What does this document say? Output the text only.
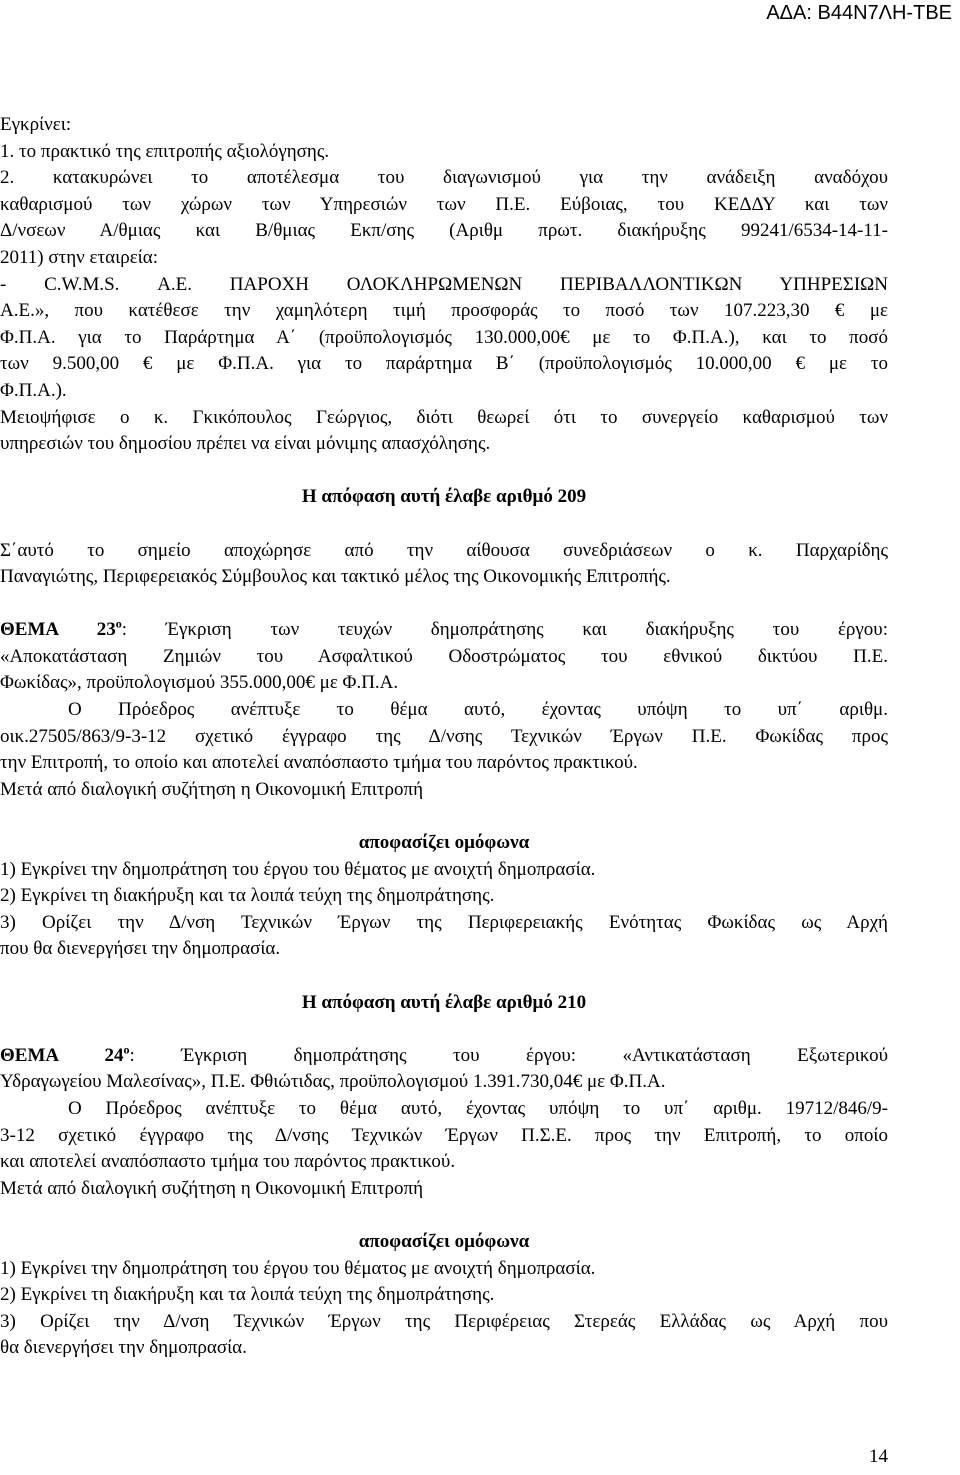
ΑΔΑ: Β44Ν7ΛΗ-ΤΒΕ
Εγκρίνει:
1. το πρακτικό της επιτροπής αξιολόγησης.
2. κατακυρώνει το αποτέλεσμα του διαγωνισμού για την ανάδειξη αναδόχου
καθαρισμού των χώρων των Υπηρεσιών των Π.Ε. Εύβοιας, του ΚΕΔΔΥ και των
Δ/νσεων Α/θμιας και Β/θμιας Εκπ/σης (Αριθμ πρωτ. διακήρυξης 99241/6534-14-11-
2011) στην εταιρεία:
- C.W.M.S. Α.Ε. ΠΑΡΟΧΗ ΟΛΟΚΛΗΡΩΜΕΝΩΝ ΠΕΡΙΒΑΛΛΟΝΤΙΚΩΝ ΥΠΗΡΕΣΙΩΝ
Α.Ε.», που κατέθεσε την χαμηλότερη τιμή προσφοράς το ποσό των 107.223,30 € με
Φ.Π.Α. για το Παράρτημα Α΄ (προϋπολογισμός 130.000,00€ με το Φ.Π.Α.), και το ποσό
των 9.500,00 € με Φ.Π.Α. για το παράρτημα Β΄ (προϋπολογισμός 10.000,00 € με το
Φ.Π.Α.).
Μειοψήφισε ο κ. Γκικόπουλος Γεώργιος, διότι θεωρεί ότι το συνεργείο καθαρισμού των
υπηρεσιών του δημοσίου πρέπει να είναι μόνιμης απασχόλησης.
Η απόφαση αυτή έλαβε αριθμό 209
Σ΄αυτό το σημείο αποχώρησε από την αίθουσα συνεδριάσεων ο κ. Παρχαρίδης
Παναγιώτης, Περιφερειακός Σύμβουλος και τακτικό μέλος της Οικονομικής Επιτροπής.
ΘΕΜΑ $23^o$: Έγκριση των τευχών δημοπράτησης και διακήρυξης του έργου:
«Αποκατάσταση Ζημιών του Ασφαλτικού Οδοστρώματος του εθνικού δικτύου Π.Ε.
Φωκίδας», προϋπολογισμού 355.000,00€ με Φ.Π.Α.
Ο Πρόεδρος ανέπτυξε το θέμα αυτό, έχοντας υπόψη το υπ΄ αριθμ.
οικ.27505/863/9-3-12 σχετικό έγγραφο της Δ/νσης Τεχνικών Έργων Π.Ε. Φωκίδας προς
την Επιτροπή, το οποίο και αποτελεί αναπόσπαστο τμήμα του παρόντος πρακτικού.
Μετά από διαλογική συζήτηση η Οικονομική Επιτροπή
αποφασίζει ομόφωνα
1) Εγκρίνει την δημοπράτηση του έργου του θέματος με ανοιχτή δημοπρασία.
2) Εγκρίνει τη διακήρυξη και τα λοιπά τεύχη της δημοπράτησης.
3) Ορίζει την Δ/νση Τεχνικών Έργων της Περιφερειακής Ενότητας Φωκίδας ως Αρχή
που θα διενεργήσει την δημοπρασία.
Η απόφαση αυτή έλαβε αριθμό 210
ΘΕΜΑ $24^o$: Έγκριση δημοπράτησης του έργου: «Αντικατάσταση Εξωτερικού
Υδραγωγείου Μαλεσίνας», Π.Ε. Φθιώτιδας, προϋπολογισμού 1.391.730,04€ με Φ.Π.Α.
Ο Πρόεδρος ανέπτυξε το θέμα αυτό, έχοντας υπόψη το υπ΄ αριθμ. 19712/846/9-
3-12 σχετικό έγγραφο της Δ/νσης Τεχνικών Έργων Π.Σ.Ε. προς την Επιτροπή, το οποίο
και αποτελεί αναπόσπαστο τμήμα του παρόντος πρακτικού.
Μετά από διαλογική συζήτηση η Οικονομική Επιτροπή
αποφασίζει ομόφωνα
1) Εγκρίνει την δημοπράτηση του έργου του θέματος με ανοιχτή δημοπρασία.
2) Εγκρίνει τη διακήρυξη και τα λοιπά τεύχη της δημοπράτησης.
3) Ορίζει την Δ/νση Τεχνικών Έργων της Περιφέρειας Στερεάς Ελλάδας ως Αρχή που
θα διενεργήσει την δημοπρασία.
14
